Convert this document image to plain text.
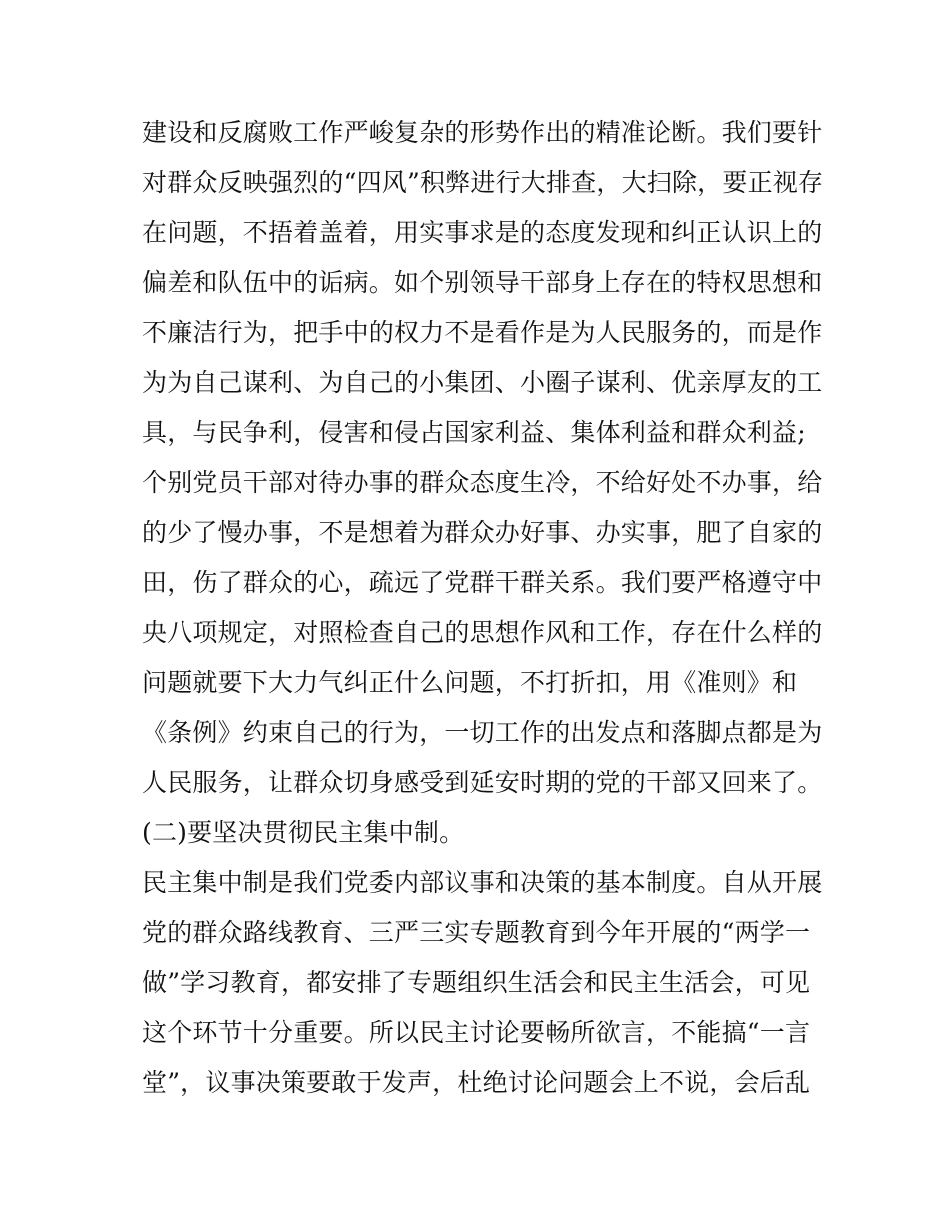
建设和反腐败工作严峻复杂的形势作出的精准论断。我们要针
对群众反映强烈的“四风”积弊进行大排查，大扫除，要正视存
在问题，不捂着盖着，用实事求是的态度发现和纠正认识上的
偏差和队伍中的诟病。如个别领导干部身上存在的特权思想和
不廉洁行为，把手中的权力不是看作是为人民服务的，而是作
为为自己谋利、为自己的小集团、小圈子谋利、优亲厚友的工
具，与民争利，侵害和侵占国家利益、集体利益和群众利益;
个别党员干部对待办事的群众态度生冷，不给好处不办事，给
的少了慢办事，不是想着为群众办好事、办实事，肥了自家的
田，伤了群众的心，疏远了党群干群关系。我们要严格遵守中
央八项规定，对照检查自己的思想作风和工作，存在什么样的
问题就要下大力气纠正什么问题，不打折扣，用《准则》和
《条例》约束自己的行为，一切工作的出发点和落脚点都是为
人民服务，让群众切身感受到延安时期的党的干部又回来了。
(二)要坚决贯彻民主集中制。
民主集中制是我们党委内部议事和决策的基本制度。自从开展
党的群众路线教育、三严三实专题教育到今年开展的“两学一
做”学习教育，都安排了专题组织生活会和民主生活会，可见
这个环节十分重要。所以民主讨论要畅所欲言，不能搞“一言
堂”，议事决策要敢于发声，杜绝讨论问题会上不说，会后乱
